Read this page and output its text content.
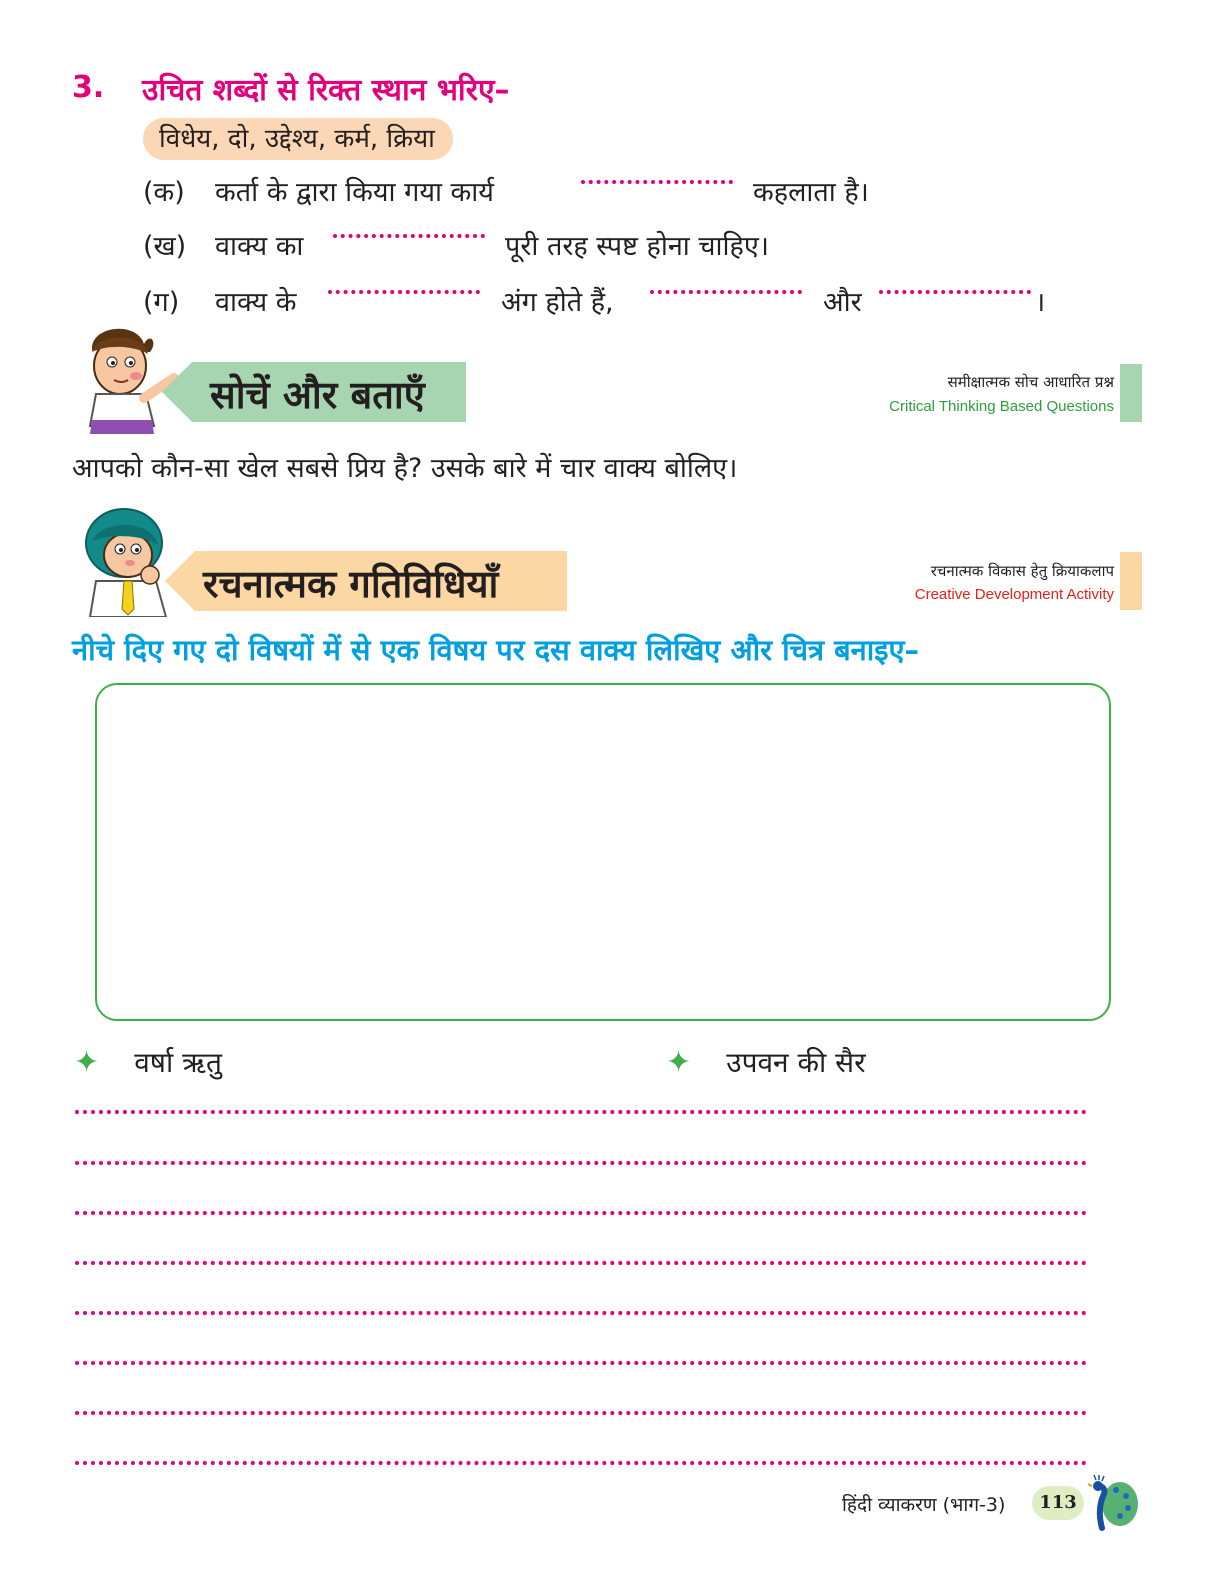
3. उचित शब्दों से रिक्त स्थान भरिए–
विधेय, दो, उद्देश्य, कर्म, क्रिया
(क) कर्ता के द्वारा किया गया कार्य	कहलाता है।
(ख) वाक्य का	पूरी तरह स्पष्ट होना चाहिए।
(ग) वाक्य के	अंग होते हैं,	और	।
सोचें और बताएँ	समीक्षात्मक सोच आधारित प्रश्न
Critical Thinking Based Questions
आपको कौन-सा खेल सबसे प्रिय है? उसके बारे में चार वाक्य बोलिए।
रचनात्मक गतिविधियाँ	रचनात्मक विकास हेतु क्रियाकलाप
Creative Development Activity
नीचे दिए गए दो विषयों में से एक विषय पर दस वाक्य लिखिए और चित्र बनाइए–
✦ वर्षा ऋतु	✦ उपवन की सैर
हिंदी व्याकरण (भाग-3)	113
